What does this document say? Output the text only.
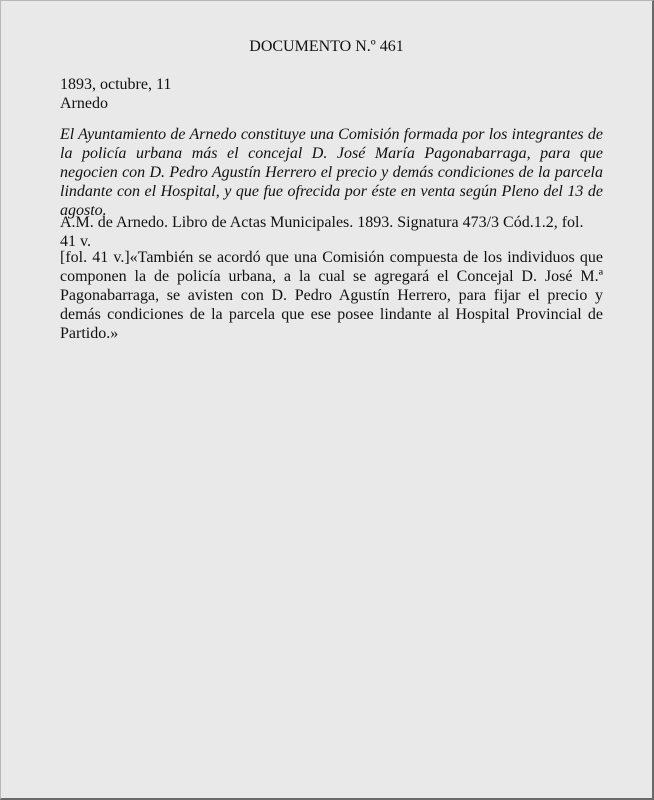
DOCUMENTO N.º 461
1893, octubre, 11
Arnedo
El Ayuntamiento de Arnedo constituye una Comisión formada por los integrantes de la policía urbana más el concejal D. José María Pagonabarraga, para que negocien con D. Pedro Agustín Herrero el precio y demás condiciones de la parcela lindante con el Hospital, y que fue ofrecida por éste en venta según Pleno del 13 de agosto.
A.M. de Arnedo. Libro de Actas Municipales. 1893. Signatura 473/3 Cód.1.2, fol. 41 v.
[fol. 41 v.]«También se acordó que una Comisión compuesta de los individuos que componen la de policía urbana, a la cual se agregará el Concejal D. José M.ª Pagonabarraga, se avisten con D. Pedro Agustín Herrero, para fijar el precio y demás condiciones de la parcela que ese posee lindante al Hospital Provincial de Partido.»
